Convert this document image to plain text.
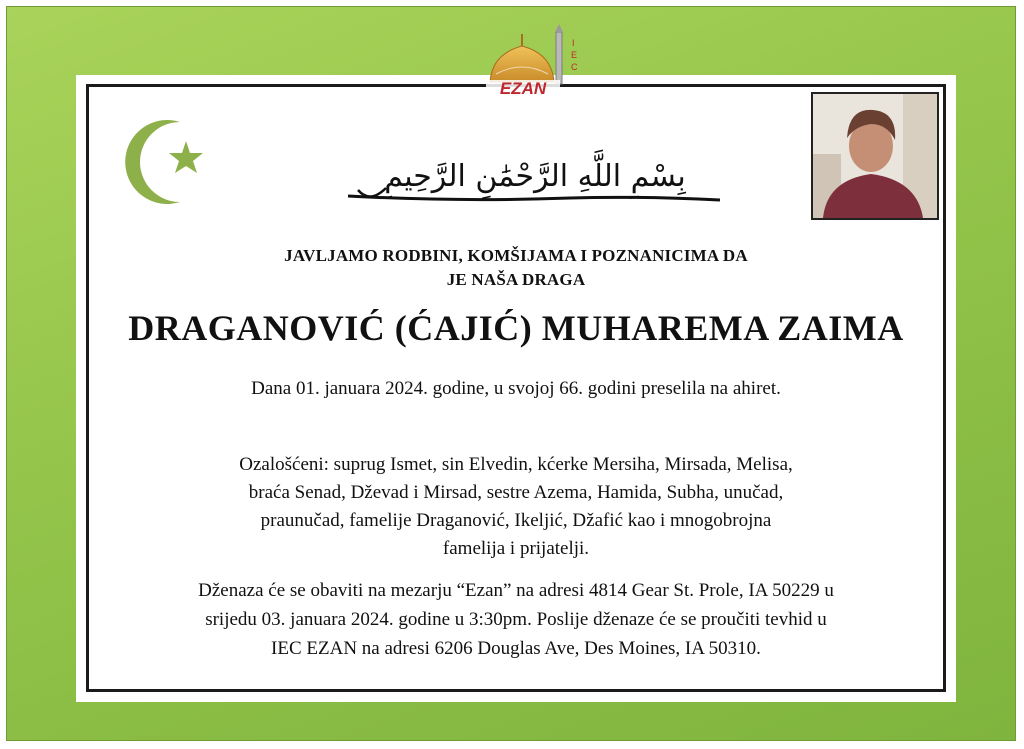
EZAN
I
E
C
بِسْمِ اللَّهِ الرَّحْمَٰنِ الرَّحِيمِ
JAVLJAMO RODBINI, KOMŠIJAMA I POZNANICIMA DA
JE NAŠA DRAGA
DRAGANOVIĆ (ĆAJIĆ) MUHAREMA ZAIMA
Dana 01. januara 2024. godine, u svojoj 66. godini preselila na ahiret.
Ozalošćeni: suprug Ismet, sin Elvedin, kćerke Mersiha, Mirsada, Melisa,
braća Senad, Dževad i Mirsad, sestre Azema, Hamida, Subha, unučad,
praunučad, famelije Draganović, Ikeljić, Džafić kao i mnogobrojna
famelija i prijatelji.
Dženaza će se obaviti na mezarju “Ezan” na adresi 4814 Gear St. Prole, IA 50229 u
srijedu 03. januara 2024. godine u 3:30pm. Poslije dženaze će se proučiti tevhid u
IEC EZAN na adresi 6206 Douglas Ave, Des Moines, IA 50310.
